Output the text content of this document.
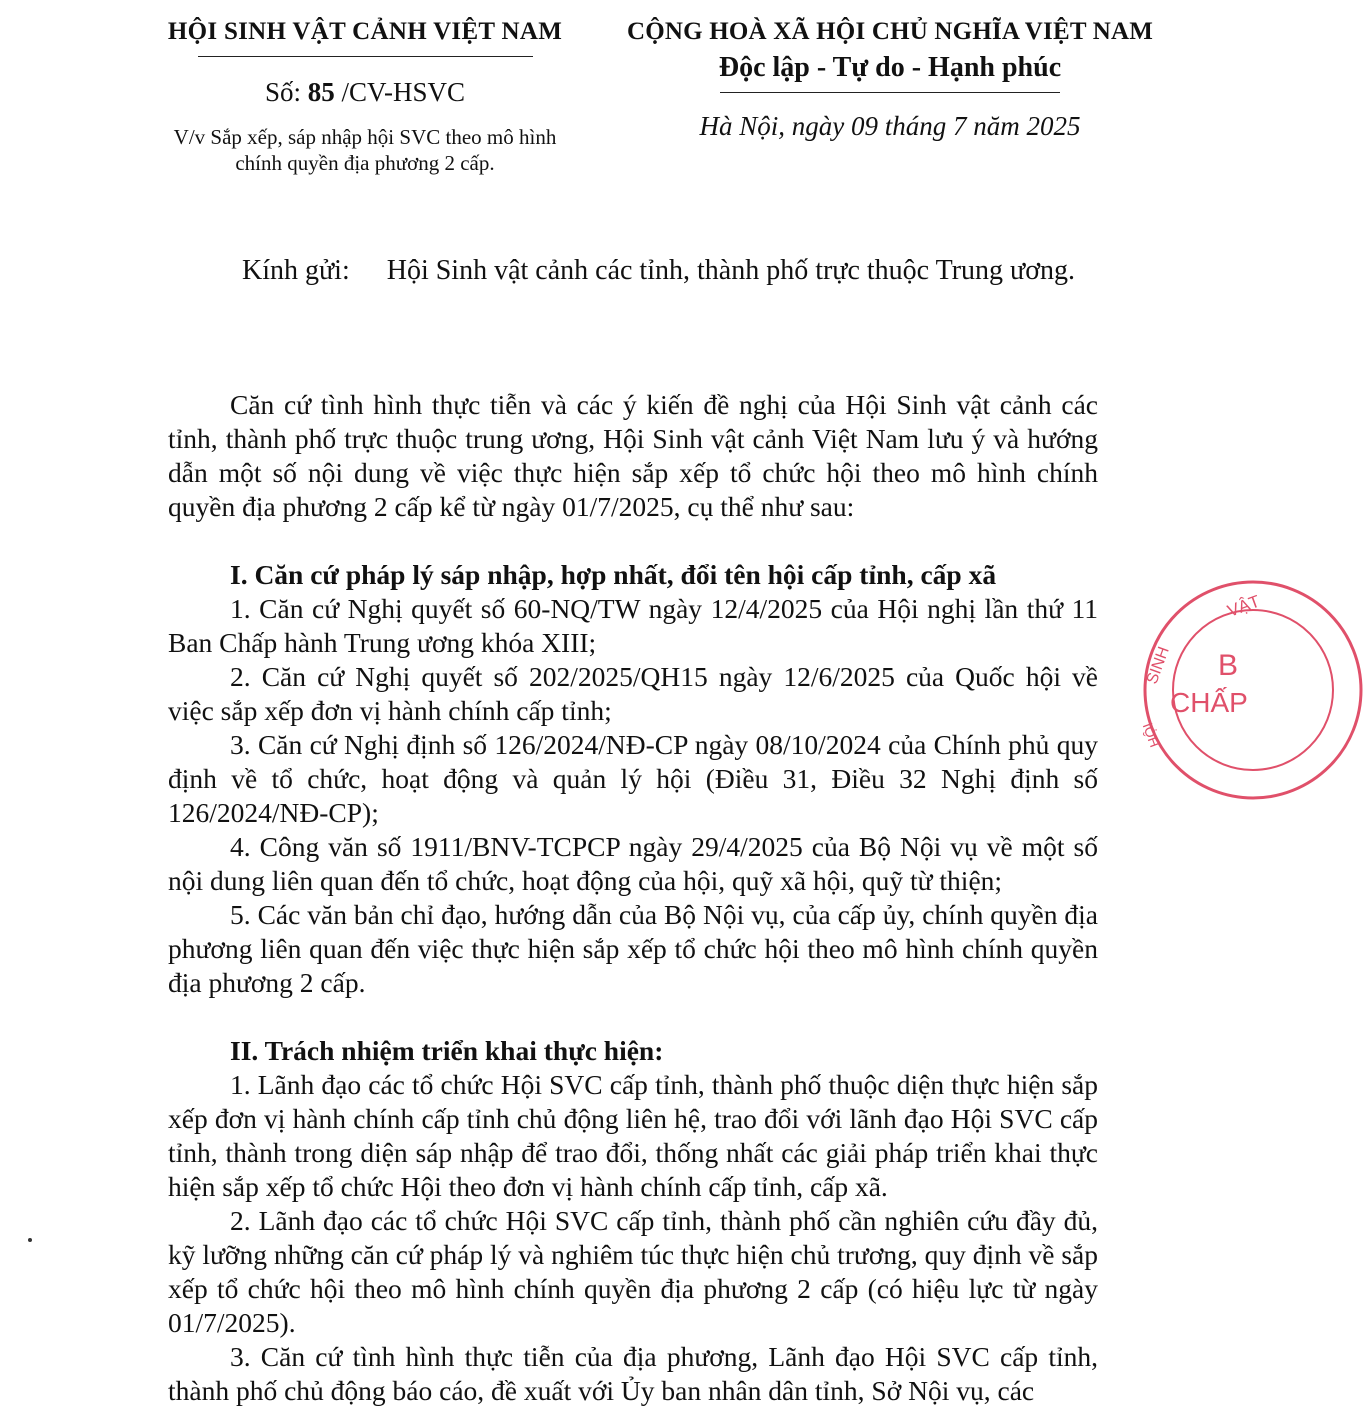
HỘI SINH VẬT CẢNH VIỆT NAM
Số: 85 /CV-HSVC
V/v Sắp xếp, sáp nhập hội SVC theo mô hình
chính quyền địa phương 2 cấp.
CỘNG HOÀ XÃ HỘI CHỦ NGHĨA VIỆT NAM
Độc lập - Tự do - Hạnh phúc
Hà Nội, ngày 09 tháng 7 năm 2025
Kính gửi: Hội Sinh vật cảnh các tỉnh, thành phố trực thuộc Trung ương.

Căn cứ tình hình thực tiễn và các ý kiến đề nghị của Hội Sinh vật cảnh các tỉnh, thành phố trực thuộc trung ương, Hội Sinh vật cảnh Việt Nam lưu ý và hướng dẫn một số nội dung về việc thực hiện sắp xếp tổ chức hội theo mô hình chính quyền địa phương 2 cấp kể từ ngày 01/7/2025, cụ thể như sau:

I. Căn cứ pháp lý sáp nhập, hợp nhất, đổi tên hội cấp tỉnh, cấp xã

1. Căn cứ Nghị quyết số 60-NQ/TW ngày 12/4/2025 của Hội nghị lần thứ 11 Ban Chấp hành Trung ương khóa XIII;

2. Căn cứ Nghị quyết số 202/2025/QH15 ngày 12/6/2025 của Quốc hội về việc sắp xếp đơn vị hành chính cấp tỉnh;

3. Căn cứ Nghị định số 126/2024/NĐ-CP ngày 08/10/2024 của Chính phủ quy định về tổ chức, hoạt động và quản lý hội (Điều 31, Điều 32 Nghị định số 126/2024/NĐ-CP);

4. Công văn số 1911/BNV-TCPCP ngày 29/4/2025 của Bộ Nội vụ về một số nội dung liên quan đến tổ chức, hoạt động của hội, quỹ xã hội, quỹ từ thiện;

5. Các văn bản chỉ đạo, hướng dẫn của Bộ Nội vụ, của cấp ủy, chính quyền địa phương liên quan đến việc thực hiện sắp xếp tổ chức hội theo mô hình chính quyền địa phương 2 cấp.

II. Trách nhiệm triển khai thực hiện:

1. Lãnh đạo các tổ chức Hội SVC cấp tỉnh, thành phố thuộc diện thực hiện sắp xếp đơn vị hành chính cấp tỉnh chủ động liên hệ, trao đổi với lãnh đạo Hội SVC cấp tỉnh, thành trong diện sáp nhập để trao đổi, thống nhất các giải pháp triển khai thực hiện sắp xếp tổ chức Hội theo đơn vị hành chính cấp tỉnh, cấp xã.

2. Lãnh đạo các tổ chức Hội SVC cấp tỉnh, thành phố cần nghiên cứu đầy đủ, kỹ lưỡng những căn cứ pháp lý và nghiêm túc thực hiện chủ trương, quy định về sắp xếp tổ chức hội theo mô hình chính quyền địa phương 2 cấp (có hiệu lực từ ngày 01/7/2025).

3. Căn cứ tình hình thực tiễn của địa phương, Lãnh đạo Hội SVC cấp tỉnh, thành phố chủ động báo cáo, đề xuất với Ủy ban nhân dân tỉnh, Sở Nội vụ, các

VẬT
SINH
HỘI
B
CHẤP
